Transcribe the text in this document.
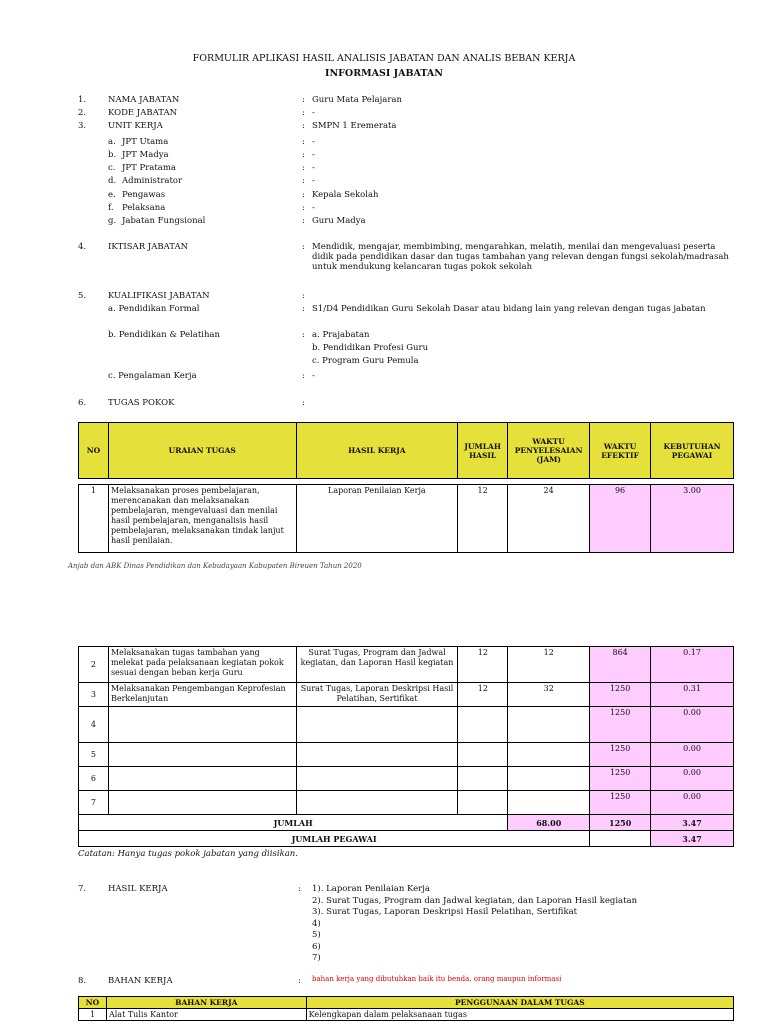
FORMULIR APLIKASI HASIL ANALISIS JABATAN DAN ANALIS BEBAN KERJA
INFORMASI JABATAN
1.	NAMA JABATAN	: Guru Mata Pelajaran
2.	KODE JABATAN	: -
3.	UNIT KERJA	: SMPN 1 Eremerata
a. JPT Utama	: -
b. JPT Madya	: -
c. JPT Pratama	: -
d. Administrator	: -
e. Pengawas	: Kepala Sekolah
f. Pelaksana	: -
g. Jabatan Fungsional	: Guru Madya
4.	IKTISAR JABATAN	: Mendidik, mengajar, membimbing, mengarahkan, melatih, menilai dan mengevaluasi peserta didik pada pendidikan dasar dan tugas tambahan yang relevan dengan fungsi sekolah/madrasah untuk mendukung kelancaran tugas pokok sekolah
5.	KUALIFIKASI JABATAN	:
a. Pendidikan Formal	: S1/D4 Pendidikan Guru Sekolah Dasar atau bidang lain yang relevan dengan tugas jabatan
b. Pendidikan & Pelatihan	: a. Prajabatan
b. Pendidikan Profesi Guru
c. Program Guru Pemula
c. Pengalaman Kerja	: -
6.	TUGAS POKOK	:
NO	URAIAN TUGAS	HASIL KERJA	JUMLAH HASIL	WAKTU PENYELESAIAN (JAM)	WAKTU EFEKTIF	KEBUTUHAN PEGAWAI

1	Melaksanakan proses pembelajaran, merencanakan dan melaksanakan pembelajaran, mengevaluasi dan menilai hasil pembelajaran, menganalisis hasil pembelajaran, melaksanakan tindak lanjut hasil penilaian.	Laporan Penilaian Kerja	12	24	96	3.00
Anjab dan ABK Dinas Pendidikan dan Kebudayaan Kabupaten Bireuen Tahun 2020
2	Melaksanakan tugas tambahan yang melekat pada pelaksanaan kegiatan pokok sesuai dengan beban kerja Guru	Surat Tugas, Program dan Jadwal kegiatan, dan Laporan Hasil kegiatan	12	12	864	0.17
3	Melaksanakan Pengembangan Keprofesian Berkelanjutan	Surat Tugas, Laporan Deskripsi Hasil Pelatihan, Sertifikat	12	32	1250	0.31
4					1250	0.00
5					1250	0.00
6					1250	0.00
7					1250	0.00
JUMLAH				68.00	1250	3.47
JUMLAH PEGAWAI						3.47
Catatan: Hanya tugas pokok jabatan yang diisikan.
7.	HASIL KERJA	: 1). Laporan Penilaian Kerja
2). Surat Tugas, Program dan Jadwal kegiatan, dan Laporan Hasil kegiatan
3). Surat Tugas, Laporan Deskripsi Hasil Pelatihan, Sertifikat
4)
5)
6)
7)
8.	BAHAN KERJA	: bahan kerja yang dibutuhkan baik itu benda, orang maupun informasi
NO	BAHAN KERJA	PENGGUNAAN DALAM TUGAS
1	Alat Tulis Kantor	Kelengkapan dalam pelaksanaan tugas
